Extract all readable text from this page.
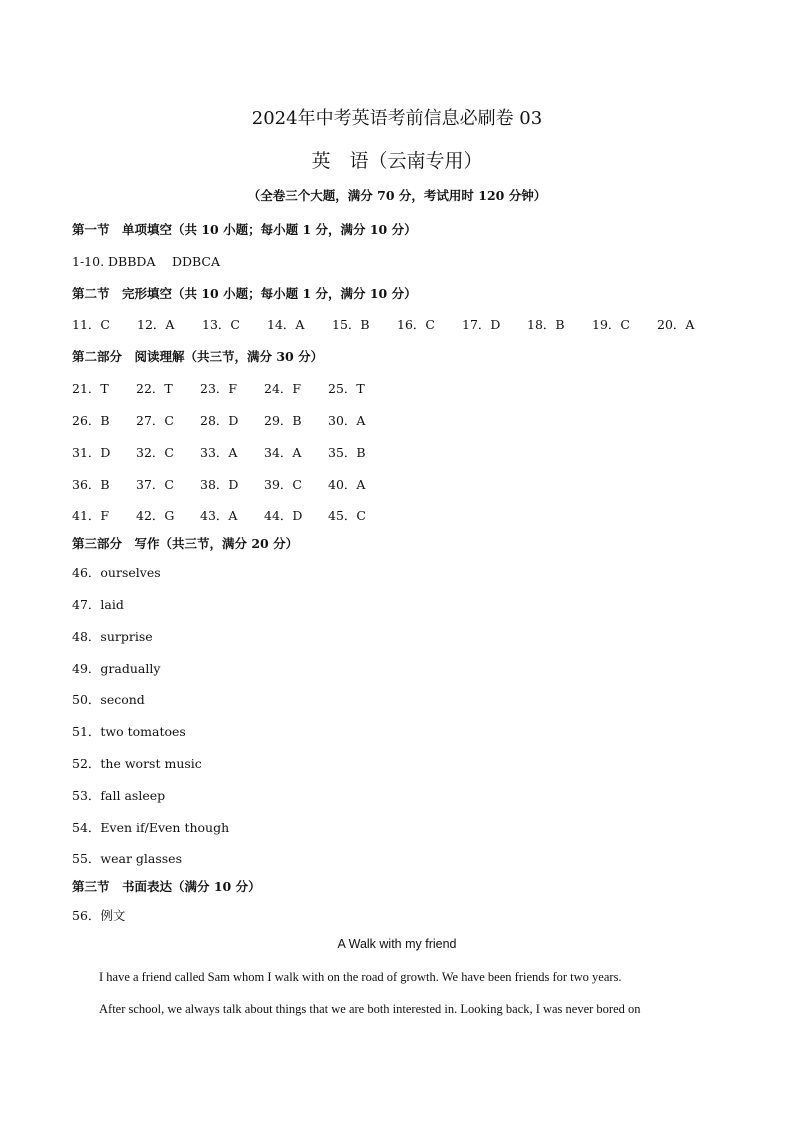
2024年中考英语考前信息必刷卷 03
英　语（云南专用）
（全卷三个大题，满分 70 分，考试用时 120 分钟）
第一节　单项填空（共 10 小题；每小题 1 分，满分 10 分）
1-10. DBBDA　 DDBCA
第二节　完形填空（共 10 小题；每小题 1 分，满分 10 分）
11．C 12．A 13．C 14．A 15．B 16．C 17．D 18．B 19．C 20．A
第二部分　阅读理解（共三节，满分 30 分）
21．T 22．T 23．F 24．F 25．T
26．B 27．C 28．D 29．B 30．A
31．D 32．C 33．A 34．A 35．B
36．B 37．C 38．D 39．C 40．A
41．F 42．G 43．A 44．D 45．C
第三部分　写作（共三节，满分 20 分）
46．ourselves
47．laid
48．surprise
49．gradually
50．second
51．two tomatoes
52．the worst music
53．fall asleep
54．Even if/Even though
55．wear glasses
第三节　书面表达（满分 10 分）
56．例文
A Walk with my friend
I have a friend called Sam whom I walk with on the road of growth. We have been friends for two years.
After school, we always talk about things that we are both interested in. Looking back, I was never bored on
